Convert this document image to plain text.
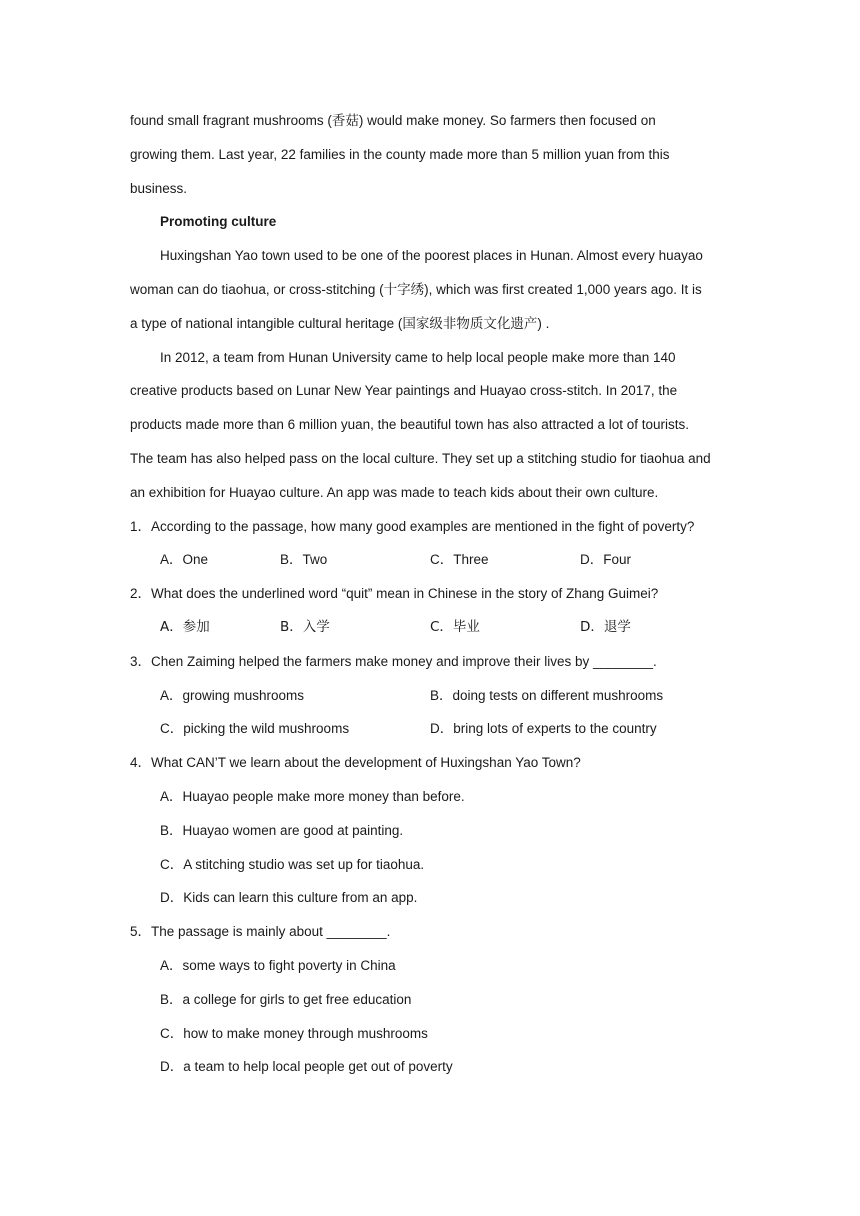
found small fragrant mushrooms (香菇) would make money. So farmers then focused on
growing them. Last year, 22 families in the county made more than 5 million yuan from this
business.
Promoting culture
Huxingshan Yao town used to be one of the poorest places in Hunan. Almost every huayao
woman can do tiaohua, or cross-stitching (十字绣), which was first created 1,000 years ago. It is
a type of national intangible cultural heritage (国家级非物质文化遗产) .
In 2012, a team from Hunan University came to help local people make more than 140
creative products based on Lunar New Year paintings and Huayao cross-stitch. In 2017, the
products made more than 6 million yuan, the beautiful town has also attracted a lot of tourists.
The team has also helped pass on the local culture. They set up a stitching studio for tiaohua and
an exhibition for Huayao culture. An app was made to teach kids about their own culture.
1．According to the passage, how many good examples are mentioned in the fight of poverty?
A．One	B．Two	C．Three	D．Four
2．What does the underlined word “quit” mean in Chinese in the story of Zhang Guimei?
A．参加	B．入学	C．毕业	D．退学
3．Chen Zaiming helped the farmers make money and improve their lives by ________.
A．growing mushrooms	B．doing tests on different mushrooms
C．picking the wild mushrooms	D．bring lots of experts to the country
4．What CAN’T we learn about the development of Huxingshan Yao Town?
A．Huayao people make more money than before.
B．Huayao women are good at painting.
C．A stitching studio was set up for tiaohua.
D．Kids can learn this culture from an app.
5．The passage is mainly about ________.
A．some ways to fight poverty in China
B．a college for girls to get free education
C．how to make money through mushrooms
D．a team to help local people get out of poverty
